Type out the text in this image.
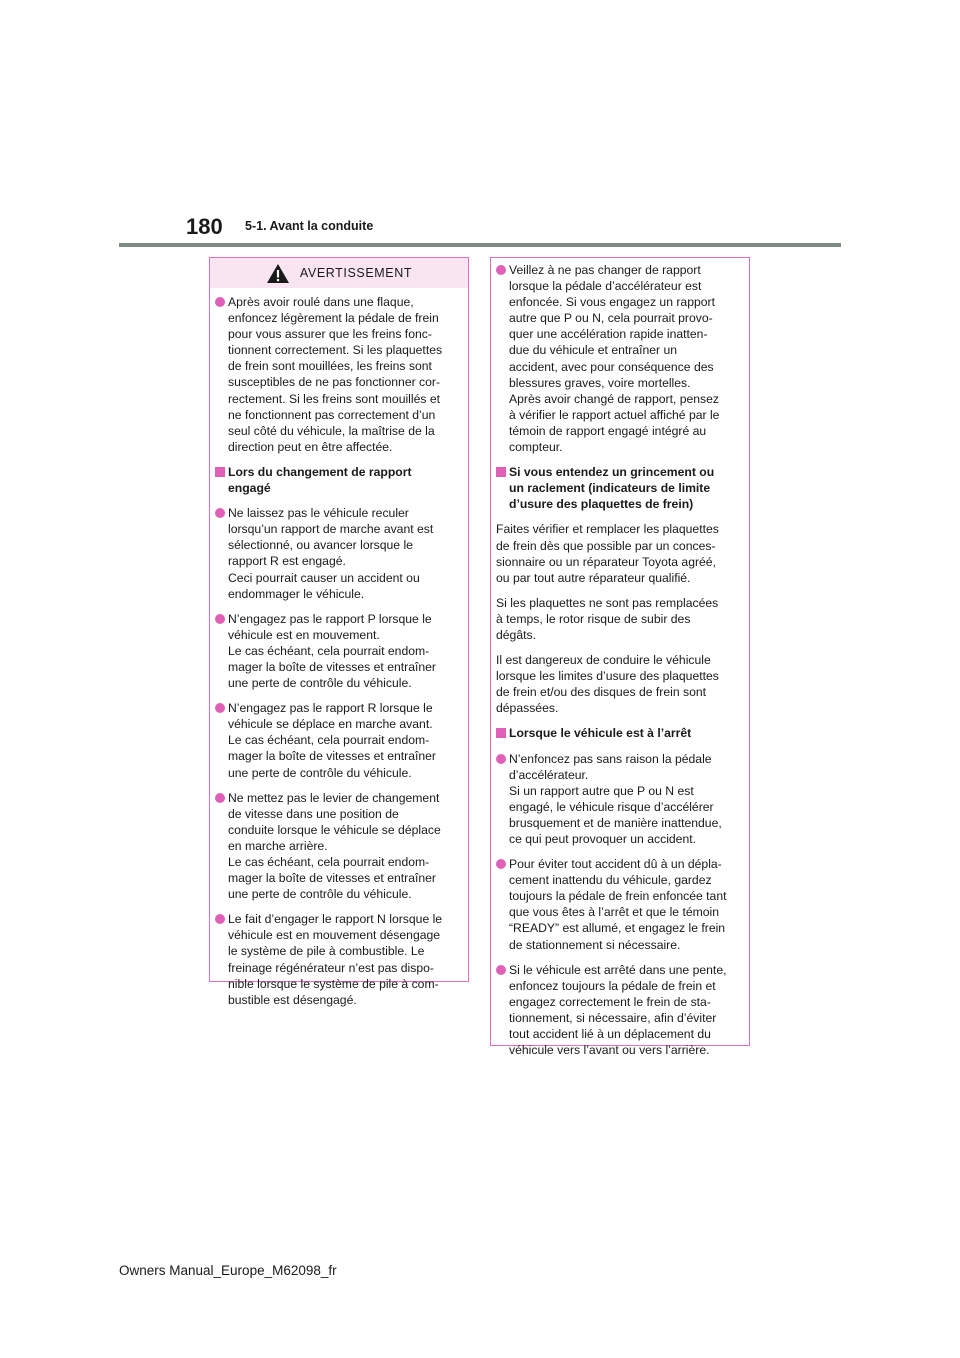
180 5-1. Avant la conduite
AVERTISSEMENT
Après avoir roulé dans une flaque,
enfoncez légèrement la pédale de frein
pour vous assurer que les freins fonc-
tionnent correctement. Si les plaquettes
de frein sont mouillées, les freins sont
susceptibles de ne pas fonctionner cor-
rectement. Si les freins sont mouillés et
ne fonctionnent pas correctement d’un
seul côté du véhicule, la maîtrise de la
direction peut en être affectée.
Lors du changement de rapport
engagé
Ne laissez pas le véhicule reculer
lorsqu’un rapport de marche avant est
sélectionné, ou avancer lorsque le
rapport R est engagé.
Ceci pourrait causer un accident ou
endommager le véhicule.
N’engagez pas le rapport P lorsque le
véhicule est en mouvement.
Le cas échéant, cela pourrait endom-
mager la boîte de vitesses et entraîner
une perte de contrôle du véhicule.
N’engagez pas le rapport R lorsque le
véhicule se déplace en marche avant.
Le cas échéant, cela pourrait endom-
mager la boîte de vitesses et entraîner
une perte de contrôle du véhicule.
Ne mettez pas le levier de changement
de vitesse dans une position de
conduite lorsque le véhicule se déplace
en marche arrière.
Le cas échéant, cela pourrait endom-
mager la boîte de vitesses et entraîner
une perte de contrôle du véhicule.
Le fait d’engager le rapport N lorsque le
véhicule est en mouvement désengage
le système de pile à combustible. Le
freinage régénérateur n’est pas dispo-
nible lorsque le système de pile à com-
bustible est désengagé.
Veillez à ne pas changer de rapport
lorsque la pédale d’accélérateur est
enfoncée. Si vous engagez un rapport
autre que P ou N, cela pourrait provo-
quer une accélération rapide inatten-
due du véhicule et entraîner un
accident, avec pour conséquence des
blessures graves, voire mortelles.
Après avoir changé de rapport, pensez
à vérifier le rapport actuel affiché par le
témoin de rapport engagé intégré au
compteur.
Si vous entendez un grincement ou
un raclement (indicateurs de limite
d’usure des plaquettes de frein)
Faites vérifier et remplacer les plaquettes
de frein dès que possible par un conces-
sionnaire ou un réparateur Toyota agréé,
ou par tout autre réparateur qualifié.
Si les plaquettes ne sont pas remplacées
à temps, le rotor risque de subir des
dégâts.
Il est dangereux de conduire le véhicule
lorsque les limites d’usure des plaquettes
de frein et/ou des disques de frein sont
dépassées.
Lorsque le véhicule est à l’arrêt
N’enfoncez pas sans raison la pédale
d’accélérateur.
Si un rapport autre que P ou N est
engagé, le véhicule risque d’accélérer
brusquement et de manière inattendue,
ce qui peut provoquer un accident.
Pour éviter tout accident dû à un dépla-
cement inattendu du véhicule, gardez
toujours la pédale de frein enfoncée tant
que vous êtes à l’arrêt et que le témoin
“READY” est allumé, et engagez le frein
de stationnement si nécessaire.
Si le véhicule est arrêté dans une pente,
enfoncez toujours la pédale de frein et
engagez correctement le frein de sta-
tionnement, si nécessaire, afin d’éviter
tout accident lié à un déplacement du
véhicule vers l’avant ou vers l’arrière.
Owners Manual_Europe_M62098_fr
